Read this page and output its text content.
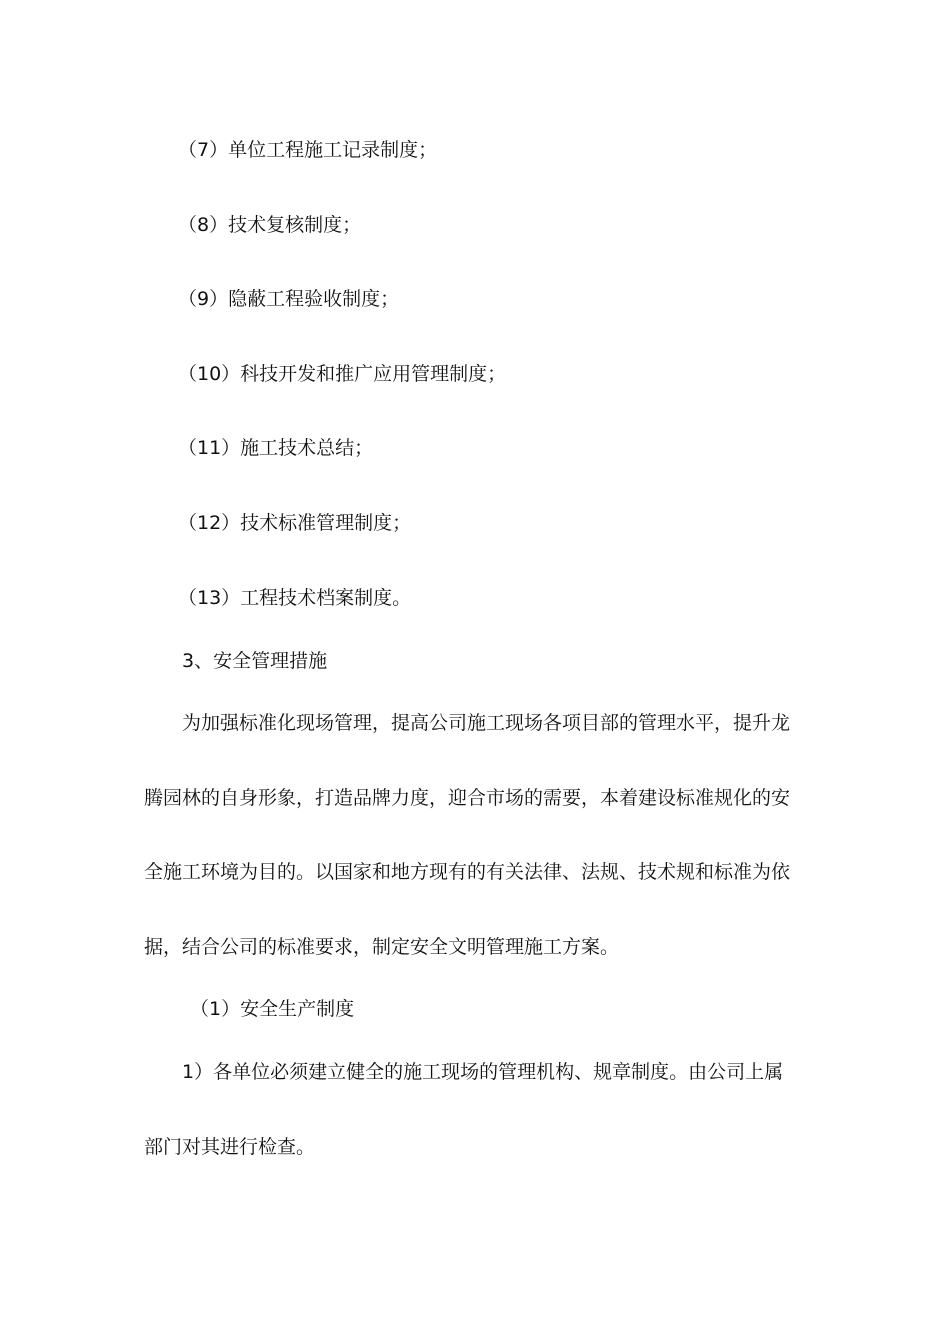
（7）单位工程施工记录制度；
（8）技术复核制度；
（9）隐蔽工程验收制度；
（10）科技开发和推广应用管理制度；
（11）施工技术总结；
（12）技术标准管理制度；
（13）工程技术档案制度。
3、安全管理措施
为加强标准化现场管理，提高公司施工现场各项目部的管理水平，提升龙
腾园林的自身形象，打造品牌力度，迎合市场的需要，本着建设标准规化的安
全施工环境为目的。以国家和地方现有的有关法律、法规、技术规和标准为依
据，结合公司的标准要求，制定安全文明管理施工方案。
（1）安全生产制度
1）各单位必须建立健全的施工现场的管理机构、规章制度。由公司上属
部门对其进行检查。
